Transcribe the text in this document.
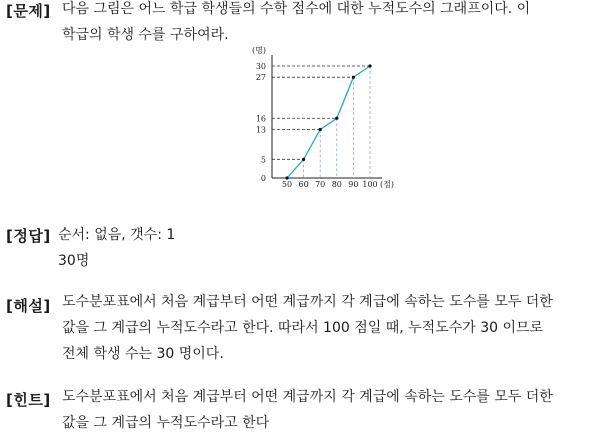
[문제] 다음 그림은 어느 학급 학생들의 수학 점수에 대한 누적도수의 그래프이다. 이
학급의 학생 수를 구하여라.
0
5
13
16
27
30
50 60 70 80 90 100
(명)
(점)
[정답] 순서: 없음, 갯수: 1
30명
[해설] 도수분포표에서 처음 계급부터 어떤 계급까지 각 계급에 속하는 도수를 모두 더한
값을 그 계급의 누적도수라고 한다. 따라서 100 점일 때, 누적도수가 30 이므로
전체 학생 수는 30 명이다.
[힌트] 도수분포표에서 처음 계급부터 어떤 계급까지 각 계급에 속하는 도수를 모두 더한
값을 그 계급의 누적도수라고 한다
